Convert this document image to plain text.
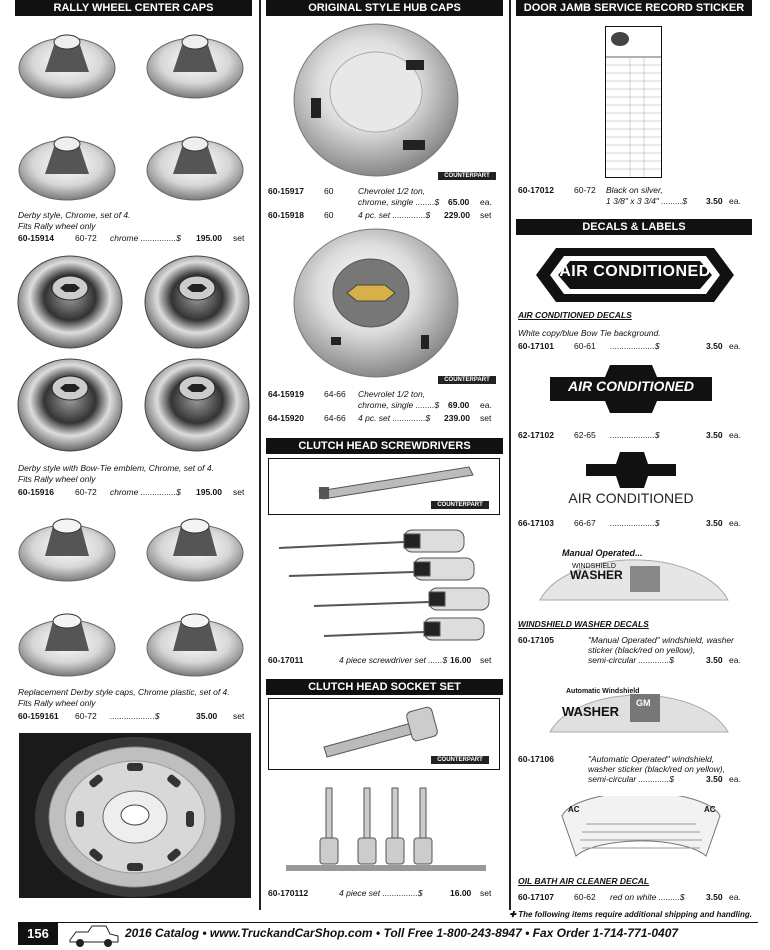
RALLY WHEEL CENTER CAPS
Derby style, Chrome, set of 4.
Fits Rally wheel only
60-15914 60-72 chrome ...............$ 195.00 set
Derby style with Bow-Tie emblem, Chrome, set of 4.
Fits Rally wheel only
60-15916 60-72 chrome ...............$ 195.00 set
Replacement Derby style caps, Chrome plastic, set of 4.
Fits Rally wheel only
60-159161 60-72 ...................$	35.00 set
ORIGINAL STYLE HUB CAPS
COUNTERPART
60-15917 60	Chevrolet 1/2 ton,
chrome, single ........$ 65.00 ea.
60-15918 60	4 pc. set ..............$ 229.00 set
COUNTERPART
64-15919 64-66 Chevrolet 1/2 ton,
chrome, single ........$ 69.00 ea.
64-15920 64-66 4 pc. set ..............$ 239.00 set
CLUTCH HEAD SCREWDRIVERS
COUNTERPART
60-17011	4 piece screwdriver set ......$ 16.00 set
CLUTCH HEAD SOCKET SET
COUNTERPART
60-170112	4 piece set ...............$	16.00 set
DOOR JAMB SERVICE RECORD STICKER
60-17012 60-72 Black on silver,
1 3/8" x 3 3/4" .........$ 3.50 ea.
DECALS & LABELS
AIR CONDITIONED
AIR CONDITIONED DECALS
White copy/blue Bow Tie background.
60-17101 60-61 ...................$	3.50 ea.
AIR CONDITIONED
62-17102 62-65 ...................$	3.50 ea.
AIR CONDITIONED
66-17103 66-67 ...................$	3.50 ea.
Manual Operated...
WINDSHIELD
WASHER
WINDSHIELD WASHER DECALS
60-17105	"Manual Operated" windshield, washer
sticker (black/red on yellow),
semi-circular .............$	3.50 ea.
Automatic Windshield
WASHER
GM
60-17106	"Automatic Operated" windshield,
washer sticker (black/red on yellow),
semi-circular .............$	3.50 ea.
AC	AC
OIL BATH AIR CLEANER DECAL
60-17107 60-62 red on white .........$	3.50 ea.
✚ The following items require additional shipping and handling.
156	2016 Catalog • www.TruckandCarShop.com • Toll Free 1-800-243-8947 • Fax Order 1-714-771-0407
